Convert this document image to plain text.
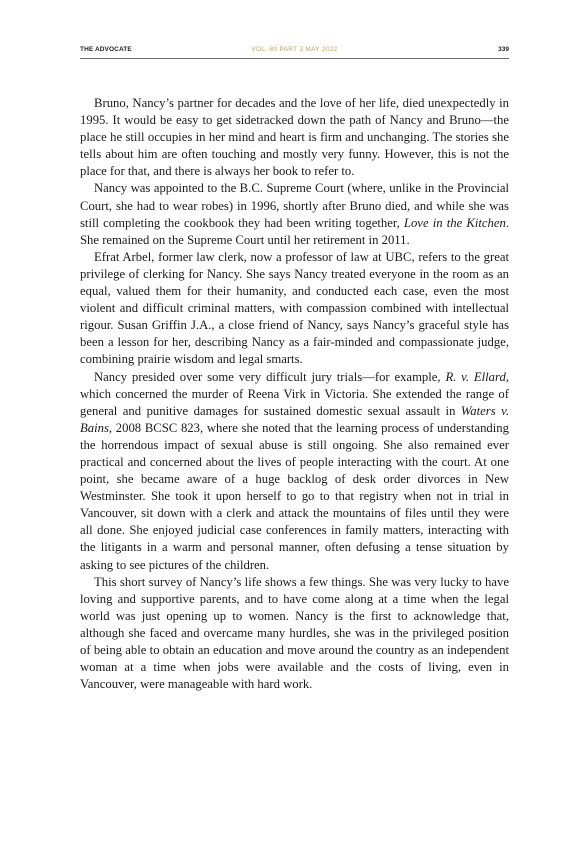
THE ADVOCATE	VOL. 80 PART 3 MAY 2022	339

Bruno, Nancy’s partner for decades and the love of her life, died unexpectedly in 1995. It would be easy to get sidetracked down the path of Nancy and Bruno—the place he still occupies in her mind and heart is firm and unchanging. The stories she tells about him are often touching and mostly very funny. However, this is not the place for that, and there is always her book to refer to.

Nancy was appointed to the B.C. Supreme Court (where, unlike in the Provincial Court, she had to wear robes) in 1996, shortly after Bruno died, and while she was still completing the cookbook they had been writing together, Love in the Kitchen. She remained on the Supreme Court until her retirement in 2011.

Efrat Arbel, former law clerk, now a professor of law at UBC, refers to the great privilege of clerking for Nancy. She says Nancy treated everyone in the room as an equal, valued them for their humanity, and conducted each case, even the most violent and difficult criminal matters, with compassion combined with intellectual rigour. Susan Griffin J.A., a close friend of Nancy, says Nancy’s graceful style has been a lesson for her, describing Nancy as a fair-minded and compassionate judge, combining prairie wisdom and legal smarts.

Nancy presided over some very difficult jury trials—for example, R. v. Ellard, which concerned the murder of Reena Virk in Victoria. She extended the range of general and punitive damages for sustained domestic sexual assault in Waters v. Bains, 2008 BCSC 823, where she noted that the learning process of understanding the horrendous impact of sexual abuse is still ongoing. She also remained ever practical and concerned about the lives of people interacting with the court. At one point, she became aware of a huge backlog of desk order divorces in New Westminster. She took it upon herself to go to that registry when not in trial in Vancouver, sit down with a clerk and attack the mountains of files until they were all done. She enjoyed judicial case conferences in family matters, interacting with the litigants in a warm and personal manner, often defusing a tense situation by asking to see pictures of the children.

This short survey of Nancy’s life shows a few things. She was very lucky to have loving and supportive parents, and to have come along at a time when the legal world was just opening up to women. Nancy is the first to acknowledge that, although she faced and overcame many hurdles, she was in the privileged position of being able to obtain an education and move around the country as an independent woman at a time when jobs were available and the costs of living, even in Vancouver, were manageable with hard work.
